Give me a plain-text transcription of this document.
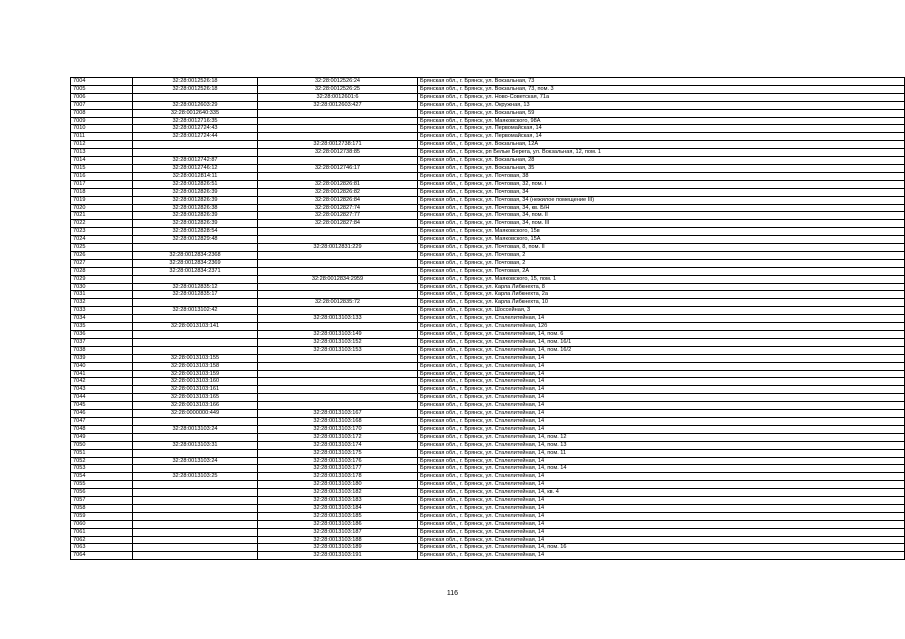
7004	32:28:0012526:18	32:28:0012526:24	Брянская обл., г. Брянск, ул. Вокзальная, 73
7005	32:28:0012526:18	32:28:0012526:25	Брянская обл., г. Брянск, ул. Вокзальная, 73, пом. 3
7006		32:28:0012601:6	Брянская обл., г. Брянск, ул. Ново-Советская, 71а
7007	32:28:0012603:29	32:28:0012603:427	Брянская обл., г. Брянск, ул. Окружная, 13
7008	32:28:0012640:335		Брянская обл., г. Брянск, ул. Вокзальная, 59
7009	32:28:0012716:35		Брянская обл., г. Брянск, ул. Маяковского, 98А
7010	32:28:0012724:43		Брянская обл., г. Брянск, ул. Первомайская, 14
7011	32:28:0012724:44		Брянская обл., г. Брянск, ул. Первомайская, 14
7012		32:28:0012738:171	Брянская обл., г. Брянск, ул. Вокзальная, 12А
7013		32:28:0012738:85	Брянская обл., г. Брянск, рп Белые Берега, ул. Вокзальная, 12, пом. 1
7014	32:28:0012742:87		Брянская обл., г. Брянск, ул. Вокзальная, 28
7015	32:28:0012746:12	32:28:0012746:17	Брянская обл., г. Брянск, ул. Вокзальная, 35
7016	32:28:0012814:11		Брянская обл., г. Брянск, ул. Почтовая, 38
7017	32:28:0012826:51	32:28:0012826:81	Брянская обл., г. Брянск, ул. Почтовая, 32, пом. I
7018	32:28:0012826:39	32:28:0012826:82	Брянская обл., г. Брянск, ул. Почтовая, 34
7019	32:28:0012826:39	32:28:0012826:84	Брянская обл., г. Брянск, ул. Почтовая, 34 (нежилое помещение III)
7020	32:28:0012826:38	32:28:0012827:74	Брянская обл., г. Брянск, ул. Почтовая, 34, кв. Б/Н
7021	32:28:0012826:39	32:28:0012827:77	Брянская обл., г. Брянск, ул. Почтовая, 34, пом. II
7022	32:28:0012826:39	32:28:0012827:84	Брянская обл., г. Брянск, ул. Почтовая, 34, пом. III
7023	32:28:0012828:54		Брянская обл., г. Брянск, ул. Маяковского, 15в
7024	32:28:0012829:48		Брянская обл., г. Брянск, ул. Маяковского, 15А
7025		32:28:0012831:229	Брянская обл., г. Брянск, ул. Почтовая, 8, пом. II
7026	32:28:0012834:2368		Брянская обл., г. Брянск, ул. Почтовая, 2
7027	32:28:0012834:2369		Брянская обл., г. Брянск, ул. Почтовая, 2
7028	32:28:0012834:2371		Брянская обл., г. Брянск, ул. Почтовая, 2А
7029		32:28:0012834:2959	Брянская обл., г. Брянск, ул. Маяковского, 15, пом. 1
7030	32:28:0012835:12		Брянская обл., г. Брянск, ул. Карла Либкнехта, 8
7031	32:28:0012835:17		Брянская обл., г. Брянск, ул. Карла Либкнехта, 2а
7032		32:28:0012835:72	Брянская обл., г. Брянск, ул. Карла Либкнехта, 10
7033	32:28:0013102:42		Брянская обл., г. Брянск, ул. Шоссейная, 3
7034		32:28:0013103:133	Брянская обл., г. Брянск, ул. Сталелитейная, 14
7035	32:28:0013103:141		Брянская обл., г. Брянск, ул. Сталелитейная, 12б
7036		32:28:0013103:149	Брянская обл., г. Брянск, ул. Сталелитейная, 14, пом. 6
7037		32:28:0013103:152	Брянская обл., г. Брянск, ул. Сталелитейная, 14, пом. 16/1
7038		32:28:0013103:153	Брянская обл., г. Брянск, ул. Сталелитейная, 14, пом. 16/2
7039	32:28:0013103:155		Брянская обл., г. Брянск, ул. Сталелитейная, 14
7040	32:28:0013103:158		Брянская обл., г. Брянск, ул. Сталелитейная, 14
7041	32:28:0013103:159		Брянская обл., г. Брянск, ул. Сталелитейная, 14
7042	32:28:0013103:160		Брянская обл., г. Брянск, ул. Сталелитейная, 14
7043	32:28:0013103:161		Брянская обл., г. Брянск, ул. Сталелитейная, 14
7044	32:28:0013103:165		Брянская обл., г. Брянск, ул. Сталелитейная, 14
7045	32:28:0013103:166		Брянская обл., г. Брянск, ул. Сталелитейная, 14
7046	32:28:0000000:449	32:28:0013103:167	Брянская обл., г. Брянск, ул. Сталелитейная, 14
7047		32:28:0013103:168	Брянская обл., г. Брянск, ул. Сталелитейная, 14
7048	32:28:0013103:24	32:28:0013103:170	Брянская обл., г. Брянск, ул. Сталелитейная, 14
7049		32:28:0013103:172	Брянская обл., г. Брянск, ул. Сталелитейная, 14, пом. 12
7050	32:28:0013103:31	32:28:0013103:174	Брянская обл., г. Брянск, ул. Сталелитейная, 14, пом. 13
7051		32:28:0013103:175	Брянская обл., г. Брянск, ул. Сталелитейная, 14, пом. 11
7052	32:28:0013103:24	32:28:0013103:176	Брянская обл., г. Брянск, ул. Сталелитейная, 14
7053		32:28:0013103:177	Брянская обл., г. Брянск, ул. Сталелитейная, 14, пом. 14
7054	32:28:0013103:25	32:28:0013103:178	Брянская обл., г. Брянск, ул. Сталелитейная, 14
7055		32:28:0013103:180	Брянская обл., г. Брянск, ул. Сталелитейная, 14
7056		32:28:0013103:182	Брянская обл., г. Брянск, ул. Сталелитейная, 14, кв. 4
7057		32:28:0013103:183	Брянская обл., г. Брянск, ул. Сталелитейная, 14
7058		32:28:0013103:184	Брянская обл., г. Брянск, ул. Сталелитейная, 14
7059		32:28:0013103:185	Брянская обл., г. Брянск, ул. Сталелитейная, 14
7060		32:28:0013103:186	Брянская обл., г. Брянск, ул. Сталелитейная, 14
7061		32:28:0013103:187	Брянская обл., г. Брянск, ул. Сталелитейная, 14
7062		32:28:0013103:188	Брянская обл., г. Брянск, ул. Сталелитейная, 14
7063		32:28:0013103:189	Брянская обл., г. Брянск, ул. Сталелитейная, 14, пом. 16
7064		32:28:0013103:191	Брянская обл., г. Брянск, ул. Сталелитейная, 14
116
